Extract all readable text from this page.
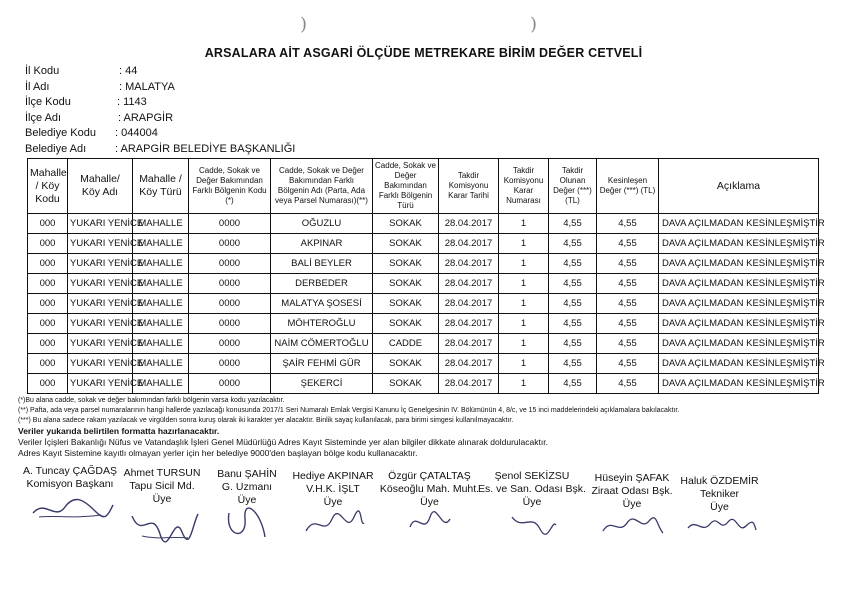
)	)
ARSALARA AİT ASGARİ ÖLÇÜDE METREKARE BİRİM DEĞER CETVELİ
İl Kodu	: 44
İl Adı	: MALATYA
İlçe Kodu	: 1143
İlçe Adı	: ARAPGİR
Belediye Kodu : 044004
Belediye Adı	: ARAPGİR BELEDİYE BAŞKANLIĞI
Mahalle / Köy Kodu	Mahalle/ Köy Adı	Mahalle / Köy Türü	Cadde, Sokak ve Değer Bakımından Farklı Bölgenin Kodu (*)	Cadde, Sokak ve Değer Bakımından Farklı Bölgenin Adı (Parta, Ada veya Parsel Numarası)(**)	Cadde, Sokak ve Değer Bakımından Farklı Bölgenin Türü	Takdir Komisyonu Karar Tarihi	Takdir Komisyonu Karar Numarası	Takdir Olunan Değer (***) (TL)	Kesinleşen Değer (***) (TL)	Açıklama
000	YUKARI YENİCE	MAHALLE	0000	OĞUZLU	SOKAK	28.04.2017	1	4,55	4,55	DAVA AÇILMADAN KESİNLEŞMİŞTİR
000	YUKARI YENİCE	MAHALLE	0000	AKPINAR	SOKAK	28.04.2017	1	4,55	4,55	DAVA AÇILMADAN KESİNLEŞMİŞTİR
000	YUKARI YENİCE	MAHALLE	0000	BALİ BEYLER	SOKAK	28.04.2017	1	4,55	4,55	DAVA AÇILMADAN KESİNLEŞMİŞTİR
000	YUKARI YENİCE	MAHALLE	0000	DERBEDER	SOKAK	28.04.2017	1	4,55	4,55	DAVA AÇILMADAN KESİNLEŞMİŞTİR
000	YUKARI YENİCE	MAHALLE	0000	MALATYA ŞOSESİ	SOKAK	28.04.2017	1	4,55	4,55	DAVA AÇILMADAN KESİNLEŞMİŞTİR
000	YUKARI YENİCE	MAHALLE	0000	MÖHTEROĞLU	SOKAK	28.04.2017	1	4,55	4,55	DAVA AÇILMADAN KESİNLEŞMİŞTİR
000	YUKARI YENİCE	MAHALLE	0000	NAİM CÖMERTOĞLU	CADDE	28.04.2017	1	4,55	4,55	DAVA AÇILMADAN KESİNLEŞMİŞTİR
000	YUKARI YENİCE	MAHALLE	0000	ŞAİR FEHMİ GÜR	SOKAK	28.04.2017	1	4,55	4,55	DAVA AÇILMADAN KESİNLEŞMİŞTİR
000	YUKARI YENİCE	MAHALLE	0000	ŞEKERCİ	SOKAK	28.04.2017	1	4,55	4,55	DAVA AÇILMADAN KESİNLEŞMİŞTİR
(*)Bu alana cadde, sokak ve değer bakımından farklı bölgenin varsa kodu yazılacaktır.
(**) Pafta, ada veya parsel numaralarının hangi hallerde yazılacağı konusunda 2017/1 Seri Numaralı Emlak Vergisi Kanunu İç Genelgesinin IV. Bölümünün 4, 8/c, ve 15 inci maddelerindeki açıklamalara bakılacaktır.
(***) Bu alana sadece rakam yazılacak ve virgülden sonra kuruş olarak iki karakter yer alacaktır. Binlik sayaç kullanılacak, para birimi simgesi kullanılmayacaktır.
Veriler yukarıda belirtilen formatta hazırlanacaktır.
Veriler İçişleri Bakanlığı Nüfus ve Vatandaşlık İşleri Genel Müdürlüğü Adres Kayıt Sisteminde yer alan bilgiler dikkate alınarak doldurulacaktır.
Adres Kayıt Sistemine kayıtlı olmayan yerler için her belediye 9000'den başlayan bölge kodu kullanacaktır.
A. Tuncay ÇAĞDAŞ
Komisyon Başkanı
Ahmet TURSUN
Tapu Sicil Md.
Üye
Banu ŞAHİN
G. Uzmanı
Üye
Hediye AKPINAR
V.H.K. İŞLT
Üye
Özgür ÇATALTAŞ
Köseoğlu Mah. Muht.
Üye
Şenol SEKİZSU
Es. ve San. Odası Bşk.
Üye
Hüseyin ŞAFAK
Ziraat Odası Bşk.
Üye
Haluk ÖZDEMİR
Tekniker
Üye
